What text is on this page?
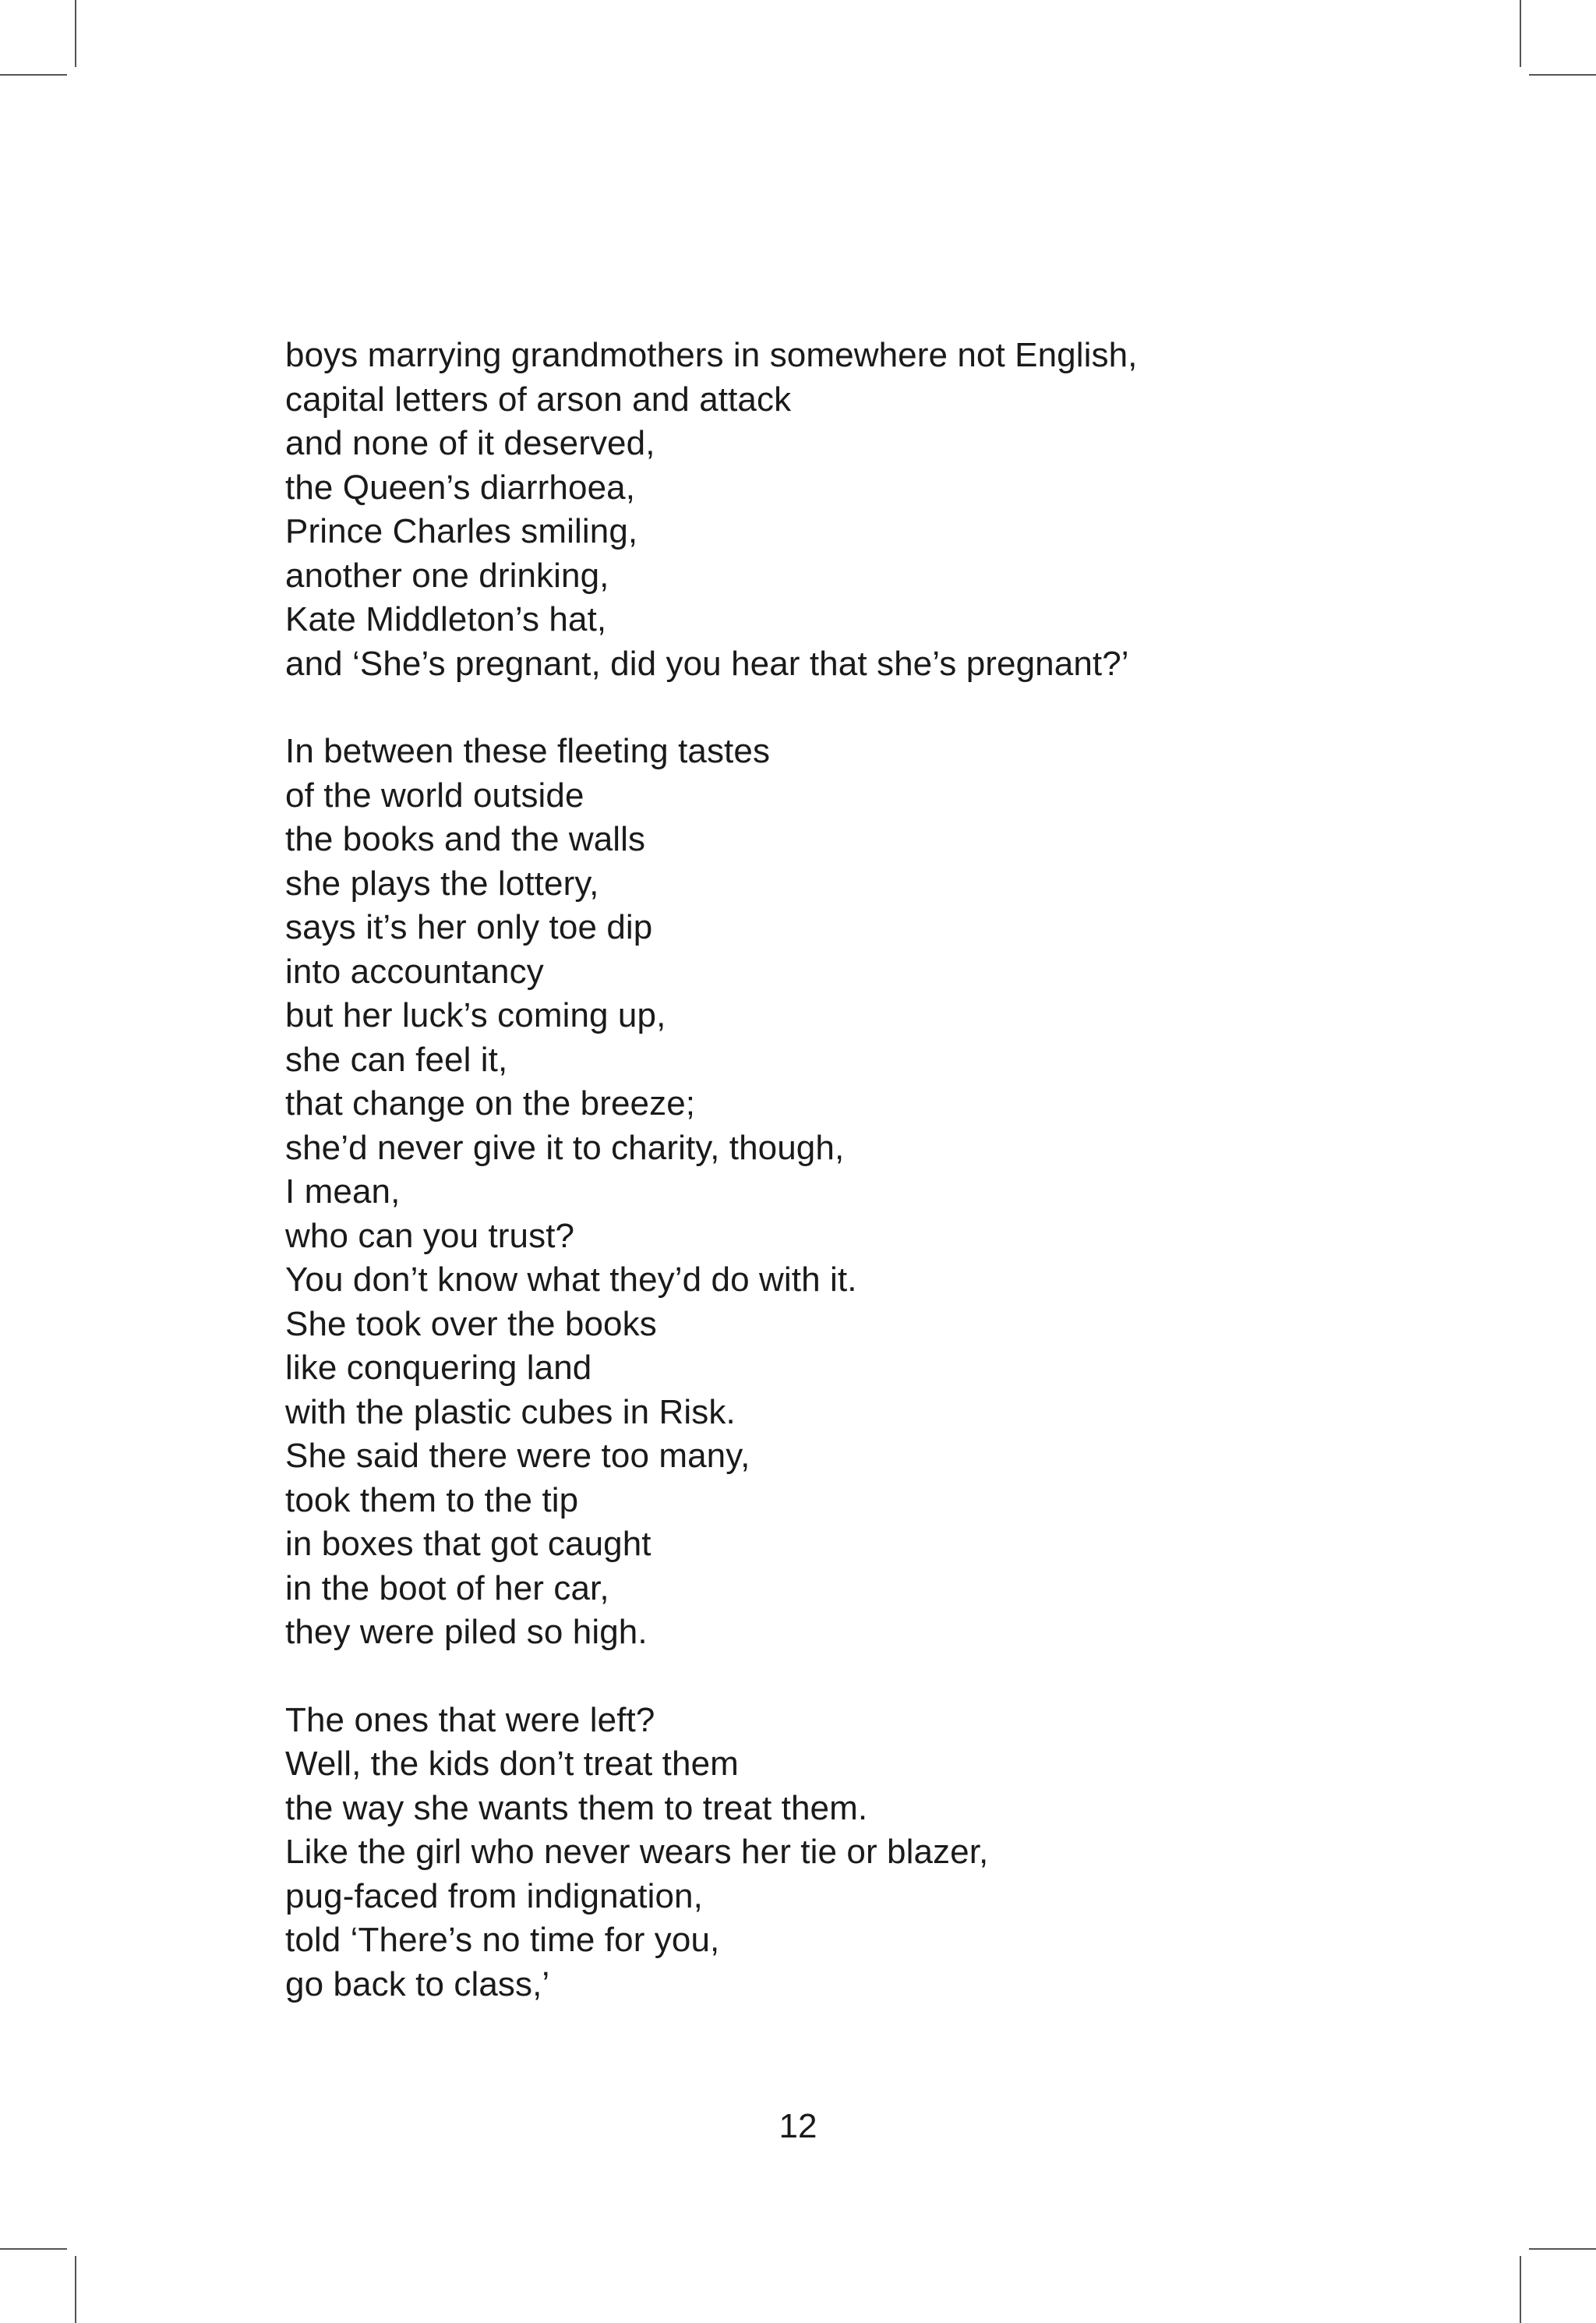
boys marrying grandmothers in somewhere not English,
capital letters of arson and attack
and none of it deserved,
the Queen’s diarrhoea,
Prince Charles smiling,
another one drinking,
Kate Middleton’s hat,
and ‘She’s pregnant, did you hear that she’s pregnant?’
In between these fleeting tastes
of the world outside
the books and the walls
she plays the lottery,
says it’s her only toe dip
into accountancy
but her luck’s coming up,
she can feel it,
that change on the breeze;
she’d never give it to charity, though,
I mean,
who can you trust?
You don’t know what they’d do with it.
She took over the books
like conquering land
with the plastic cubes in Risk.
She said there were too many,
took them to the tip
in boxes that got caught
in the boot of her car,
they were piled so high.
The ones that were left?
Well, the kids don’t treat them
the way she wants them to treat them.
Like the girl who never wears her tie or blazer,
pug-faced from indignation,
told ‘There’s no time for you,
go back to class,’
12
